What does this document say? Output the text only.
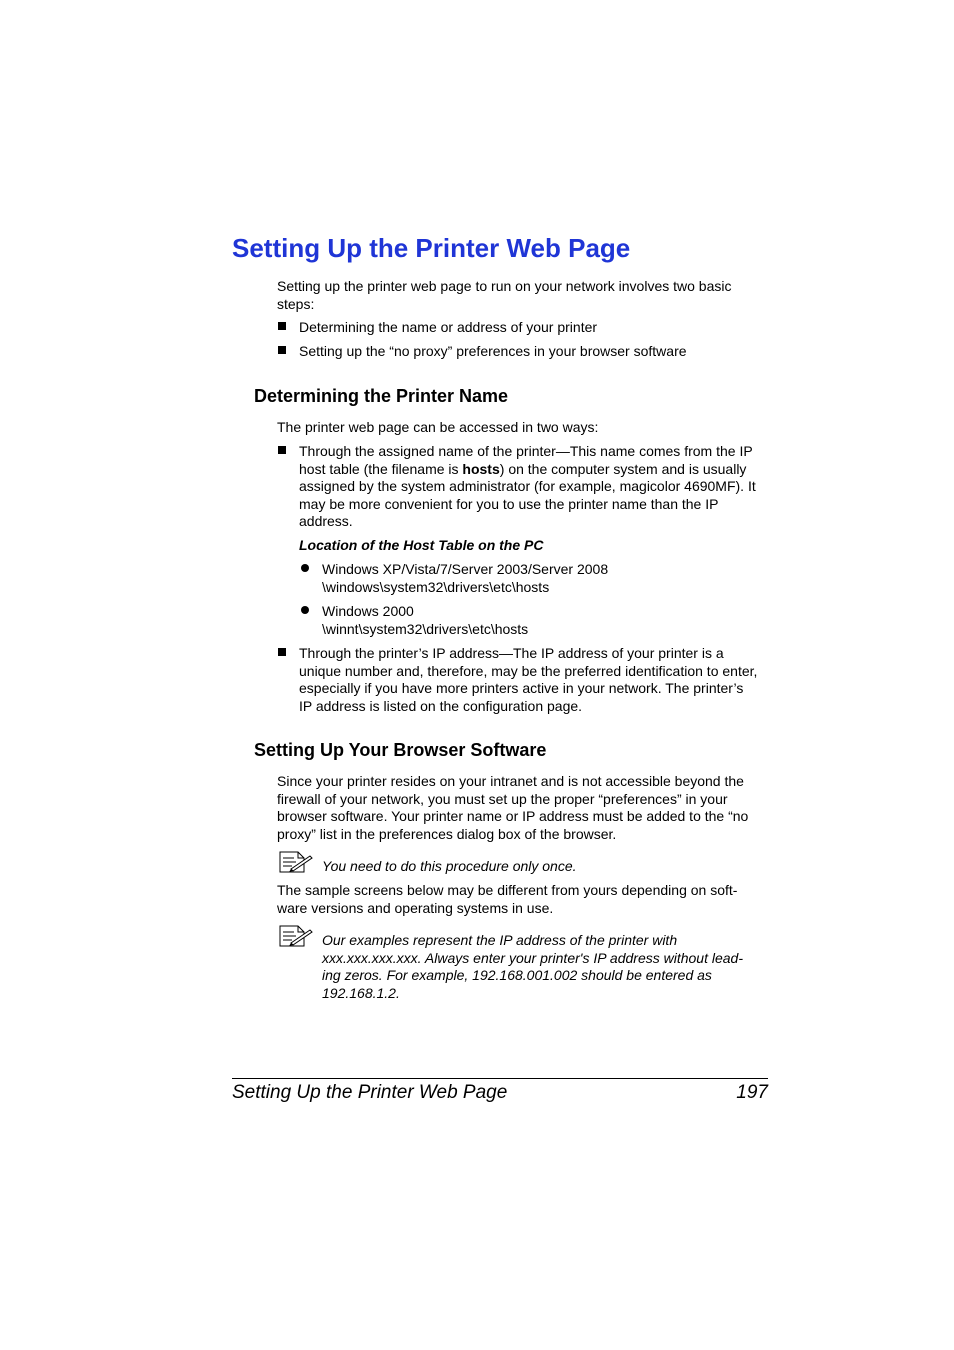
Setting Up the Printer Web Page
Setting up the printer web page to run on your network involves two basic
steps:
Determining the name or address of your printer
Setting up the “no proxy” preferences in your browser software
Determining the Printer Name
The printer web page can be accessed in two ways:
Through the assigned name of the printer—This name comes from the IP
host table (the filename is hosts) on the computer system and is usually
assigned by the system administrator (for example, magicolor 4690MF). It
may be more convenient for you to use the printer name than the IP
address.
Location of the Host Table on the PC
Windows XP/Vista/7/Server 2003/Server 2008
\windows\system32\drivers\etc\hosts
Windows 2000
\winnt\system32\drivers\etc\hosts
Through the printer’s IP address—The IP address of your printer is a
unique number and, therefore, may be the preferred identification to enter,
especially if you have more printers active in your network. The printer’s
IP address is listed on the configuration page.
Setting Up Your Browser Software
Since your printer resides on your intranet and is not accessible beyond the
firewall of your network, you must set up the proper “preferences” in your
browser software. Your printer name or IP address must be added to the “no
proxy” list in the preferences dialog box of the browser.
You need to do this procedure only once.
The sample screens below may be different from yours depending on soft-
ware versions and operating systems in use.
Our examples represent the IP address of the printer with
xxx.xxx.xxx.xxx. Always enter your printer's IP address without lead-
ing zeros. For example, 192.168.001.002 should be entered as
192.168.1.2.
Setting Up the Printer Web Page	197
